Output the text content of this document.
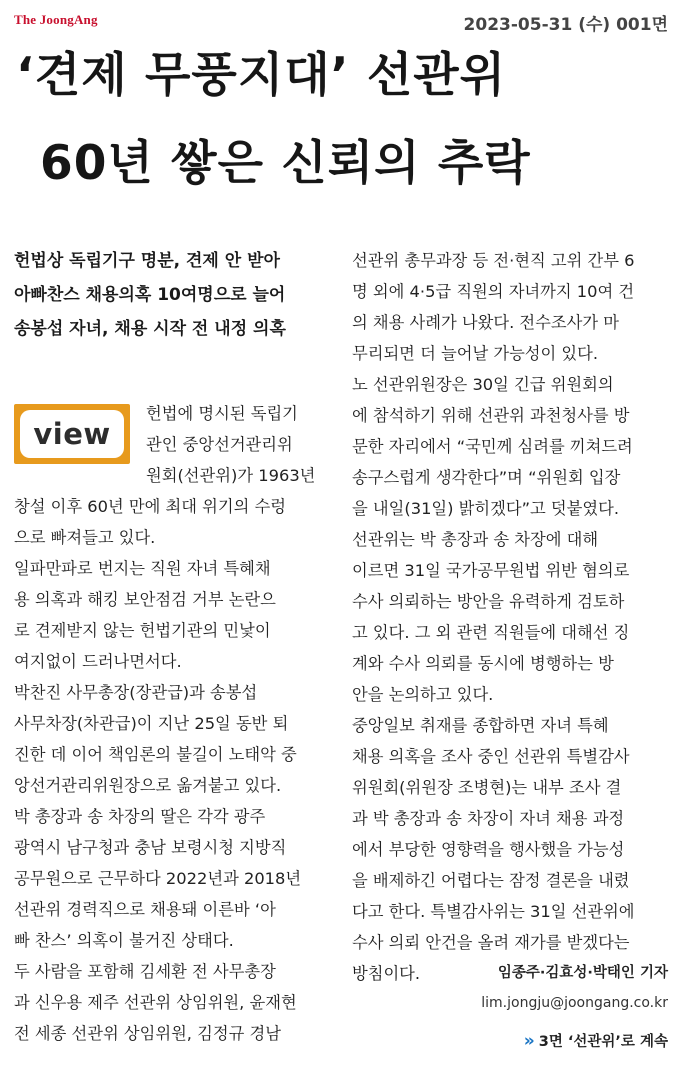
The JoongAng	2023-05-31 (수) 001면
‘견제 무풍지대’ 선관위
60년 쌓은 신뢰의 추락
헌법상 독립기구 명분, 견제 안 받아
아빠찬스 채용의혹 10여명으로 늘어
송봉섭 자녀, 채용 시작 전 내정 의혹
view
헌법에 명시된 독립기
관인 중앙선거관리위
원회(선관위)가 1963년
창설 이후 60년 만에 최대 위기의 수렁
으로 빠져들고 있다.
일파만파로 번지는 직원 자녀 특혜채
용 의혹과 해킹 보안점검 거부 논란으
로 견제받지 않는 헌법기관의 민낯이
여지없이 드러나면서다.
박찬진 사무총장(장관급)과 송봉섭
사무차장(차관급)이 지난 25일 동반 퇴
진한 데 이어 책임론의 불길이 노태악 중
앙선거관리위원장으로 옮겨붙고 있다.
박 총장과 송 차장의 딸은 각각 광주
광역시 남구청과 충남 보령시청 지방직
공무원으로 근무하다 2022년과 2018년
선관위 경력직으로 채용돼 이른바 ‘아
빠 찬스’ 의혹이 불거진 상태다.
두 사람을 포함해 김세환 전 사무총장
과 신우용 제주 선관위 상임위원, 윤재현
전 세종 선관위 상임위원, 김정규 경남
선관위 총무과장 등 전·현직 고위 간부 6
명 외에 4·5급 직원의 자녀까지 10여 건
의 채용 사례가 나왔다. 전수조사가 마
무리되면 더 늘어날 가능성이 있다.
노 선관위원장은 30일 긴급 위원회의
에 참석하기 위해 선관위 과천청사를 방
문한 자리에서 “국민께 심려를 끼쳐드려
송구스럽게 생각한다”며 “위원회 입장
을 내일(31일) 밝히겠다”고 덧붙였다.
선관위는 박 총장과 송 차장에 대해
이르면 31일 국가공무원법 위반 혐의로
수사 의뢰하는 방안을 유력하게 검토하
고 있다. 그 외 관련 직원들에 대해선 징
계와 수사 의뢰를 동시에 병행하는 방
안을 논의하고 있다.
중앙일보 취재를 종합하면 자녀 특혜
채용 의혹을 조사 중인 선관위 특별감사
위원회(위원장 조병현)는 내부 조사 결
과 박 총장과 송 차장이 자녀 채용 과정
에서 부당한 영향력을 행사했을 가능성
을 배제하긴 어렵다는 잠정 결론을 내렸
다고 한다. 특별감사위는 31일 선관위에
수사 의뢰 안건을 올려 재가를 받겠다는
방침이다.	임종주·김효성·박태인 기자
lim.jongju@joongang.co.kr
» 3면 ‘선관위’로 계속
